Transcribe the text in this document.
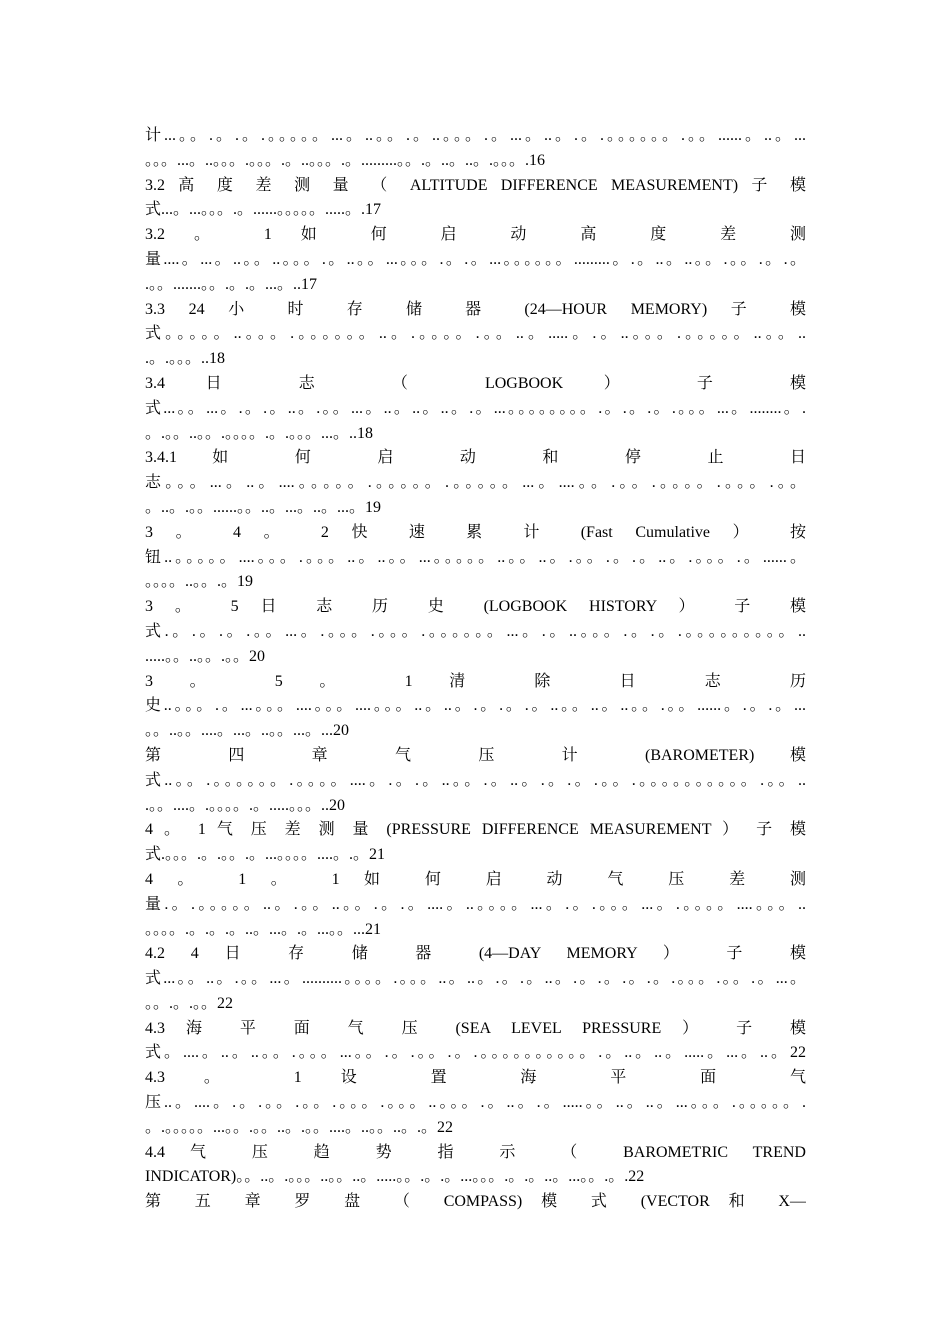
计...。。.。.。.。。。。。...。..。。.。..。。。.。...。..。.。.。。。。。。.。。......。..。...
。。。...。..。。。.。。。.。..。。。.。.........。。.。..。..。.。。。.16
3.2 高 度 差 测 量 （ ALTITUDE DIFFERENCE MEASUREMENT) 子 模
式...。...。。。.。......。。。。。.....。.17
3.2 。 1 如 何 启 动 高 度 差 测
量....。...。..。。..。。。.。..。。...。。。.。.。...。。。。。。.........。.。..。..。。.。。.。.。
.。。.......。。.。.。...。..17
3.3 24 小 时 存 储 器 (24—HOUR MEMORY) 子 模
式。。。。。..。。。.。。。。。。..。.。。。。.。。..。.....。.。..。。。.。。。。。..。。..
.。.。。。..18
3.4 日 志 （ LOGBOOK ） 子 模
式...。。...。.。.。..。.。。...。..。..。..。.。...。。。。。。。。.。.。.。.。。。...。........。.
。.。。..。。.。。。。.。.。。。...。..18
3.4.1 如 何 启 动 和 停 止 日
志。。。...。..。....。。。。。.。。。。。.。。。。。...。....。。.。。.。。。。.。。。.。。
。..。.。。......。。..。...。..。...。19
3 。 4 。 2 快 速 累 计 (Fast Cumulative ） 按
钮..。。。。。....。。。.。。。..。..。。...。。。。。..。。..。.。。.。.。..。.。。。.。......。
。。。。..。。.。19
3 。 5 日 志 历 史 (LOGBOOK HISTORY ） 子 模
式.。.。.。.。。...。.。。。.。。。.。。。。。。...。.。..。。。.。.。.。。。。。。。。。..
.....。。..。。.。。20
3 。 5 。 1 清 除 日 志 历
史..。。。.。...。。。....。。。....。。。..。..。.。.。.。..。。..。..。。.。。......。.。.。...
。。..。。....。...。..。。...。...20
第 四 章 气 压 计 (BAROMETER) 模
式..。。.。。。。。。.。。。。....。.。.。..。。.。..。.。.。.。。.。。。。。。。。。。.。。..
.。。....。.。。。。.。.....。。。..20
4 。 1 气 压 差 测 量 (PRESSURE DIFFERENCE MEASUREMENT ） 子 模
式.。。。.。.。。.。...。。。。....。.。21
4 。 1 。 1 如 何 启 动 气 压 差 测
量.。.。。。。。..。.。。..。。.。.。....。..。。。。...。.。.。。。...。.。。。。....。。。..
。。。。.。.。.。..。...。.。...。。...21
4.2 4 日 存 储 器 (4—DAY MEMORY ） 子 模
式...。。..。.。。...。..........。。。。.。。。..。..。.。.。..。.。.。.。.。.。。。.。。.。...。
。。.。.。。22
4.3 海 平 面 气 压 (SEA LEVEL PRESSURE ） 子 模
式。....。..。..。。.。。。...。。.。.。。.。.。。。。。。。。。。.。..。..。.....。...。..。22
4.3 。 1 设 置 海 平 面 气
压..。....。.。.。。.。。.。。。.。。。..。。。.。..。.。.....。。..。..。...。。。.。。。。。.
。.。。。。。...。。.。。..。.。。....。..。。..。.。22
4.4 气 压 趋 势 指 示 （ BAROMETRIC TREND
INDICATOR)。。..。.。。。..。。..。.....。。.。.。...。。。.。.。..。...。。.。.22
第 五 章 罗 盘 （ COMPASS) 模 式 (VECTOR 和 X—
